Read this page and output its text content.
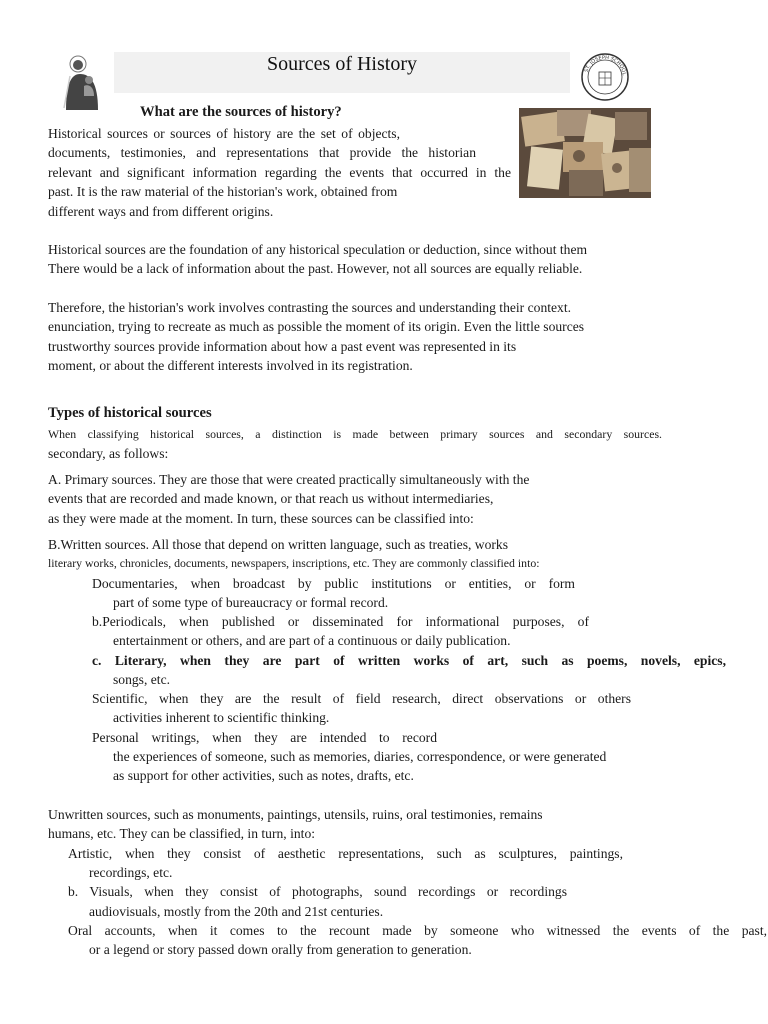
Sources of History	ST. JOSEPH SCHOOL
What are the sources of history?
Historical sources or sources of history are the set of objects,
documents, testimonies, and representations that provide the historian
relevant and significant information regarding the events that occurred in the
past. It is the raw material of the historian's work, obtained from
different ways and from different origins.
Historical sources are the foundation of any historical speculation or deduction, since without them
There would be a lack of information about the past. However, not all sources are equally reliable.
Therefore, the historian's work involves contrasting the sources and understanding their context.
enunciation, trying to recreate as much as possible the moment of its origin. Even the little sources
trustworthy sources provide information about how a past event was represented in its
moment, or about the different interests involved in its registration.
Types of historical sources
When classifying historical sources, a distinction is made between primary sources and secondary sources.
secondary, as follows:
A. Primary sources. They are those that were created practically simultaneously with the
events that are recorded and made known, or that reach us without intermediaries,
as they were made at the moment. In turn, these sources can be classified into:
B.Written sources. All those that depend on written language, such as treaties, works
literary works, chronicles, documents, newspapers, inscriptions, etc. They are commonly classified into:
Documentaries, when broadcast by public institutions or entities, or form
part of some type of bureaucracy or formal record.
b.Periodicals, when published or disseminated for informational purposes, of
entertainment or others, and are part of a continuous or daily publication.
c. Literary, when they are part of written works of art, such as poems, novels, epics,
songs, etc.
Scientific, when they are the result of field research, direct observations or others
activities inherent to scientific thinking.
Personal writings, when they are intended to record
the experiences of someone, such as memories, diaries, correspondence, or were generated
as support for other activities, such as notes, drafts, etc.
Unwritten sources, such as monuments, paintings, utensils, ruins, oral testimonies, remains
humans, etc. They can be classified, in turn, into:
Artistic, when they consist of aesthetic representations, such as sculptures, paintings,
recordings, etc.
b. Visuals, when they consist of photographs, sound recordings or recordings
audiovisuals, mostly from the 20th and 21st centuries.
Oral accounts, when it comes to the recount made by someone who witnessed the events of the past,
or a legend or story passed down orally from generation to generation.
